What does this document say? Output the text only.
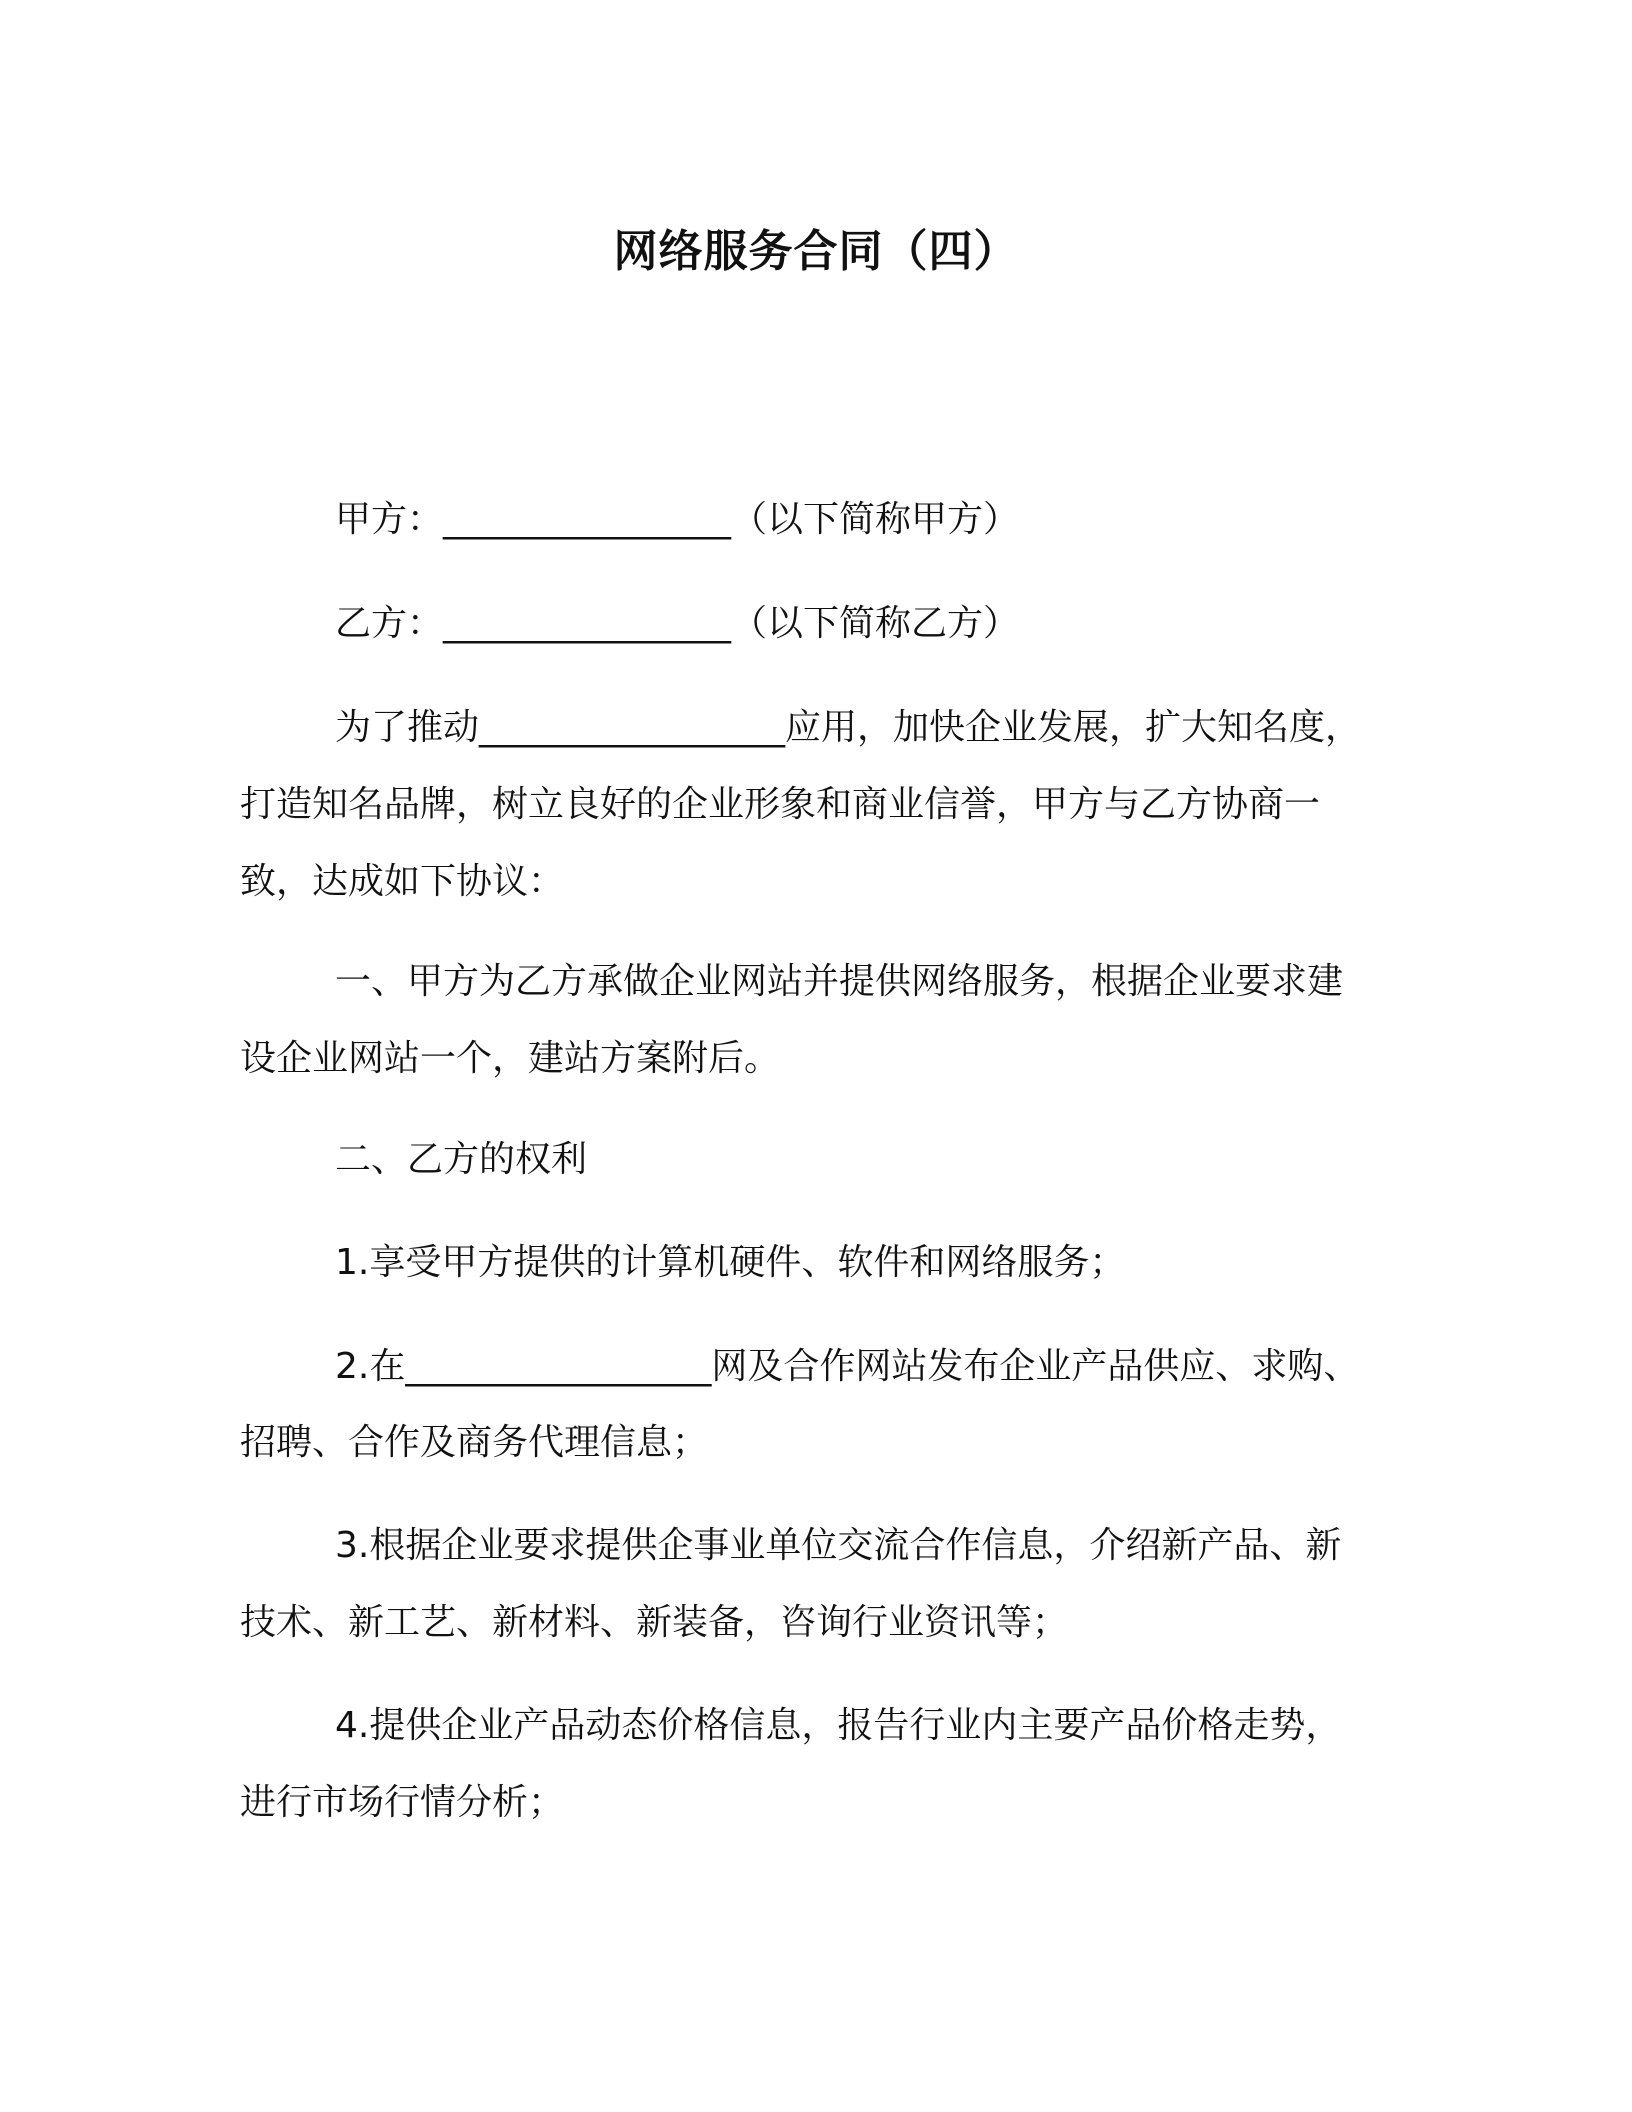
网络服务合同（四）
甲方：________________（以下简称甲方）
乙方：________________（以下简称乙方）
为了推动_________________应用，加快企业发展，扩大知名度，
打造知名品牌，树立良好的企业形象和商业信誉，甲方与乙方协商一
致，达成如下协议：
一、甲方为乙方承做企业网站并提供网络服务，根据企业要求建
设企业网站一个，建站方案附后。
二、乙方的权利
1.享受甲方提供的计算机硬件、软件和网络服务；
2.在_________________网及合作网站发布企业产品供应、求购、
招聘、合作及商务代理信息；
3.根据企业要求提供企事业单位交流合作信息，介绍新产品、新
技术、新工艺、新材料、新装备，咨询行业资讯等；
4.提供企业产品动态价格信息，报告行业内主要产品价格走势，
进行市场行情分析；
